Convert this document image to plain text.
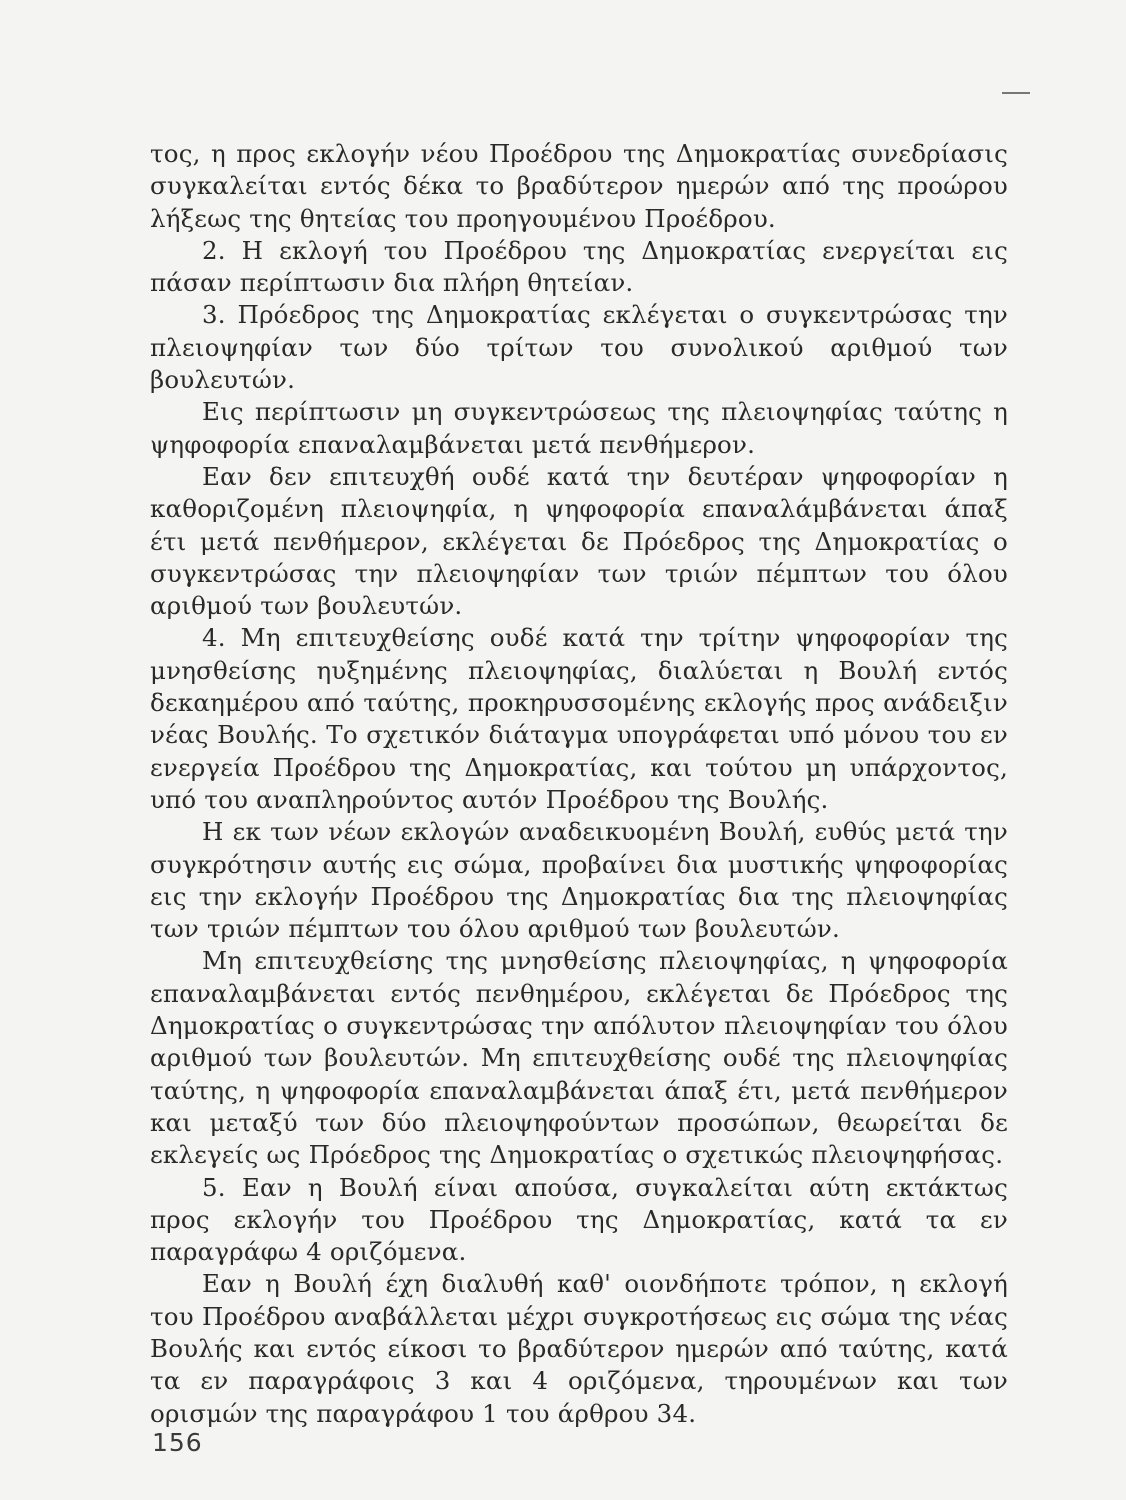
τος, η προς εκλογήν νέου Προέδρου της Δημοκρατίας συνεδρίασις συγκαλείται εντός δέκα το βραδύτερον ημερών από της προώρου λήξεως της θητείας του προηγουμένου Προέδρου.

2. Η εκλογή του Προέδρου της Δημοκρατίας ενεργείται εις πάσαν περίπτωσιν δια πλήρη θητείαν.

3. Πρόεδρος της Δημοκρατίας εκλέγεται ο συγκεντρώσας την πλειοψηφίαν των δύο τρίτων του συνολικού αριθμού των βουλευτών.

Εις περίπτωσιν μη συγκεντρώσεως της πλειοψηφίας ταύτης η ψηφοφορία επαναλαμβάνεται μετά πενθήμερον.

Εαν δεν επιτευχθή ουδέ κατά την δευτέραν ψηφοφορίαν η καθοριζομένη πλειοψηφία, η ψηφοφορία επαναλάμβάνεται άπαξ έτι μετά πενθήμερον, εκλέγεται δε Πρόεδρος της Δημοκρατίας ο συγκεντρώσας την πλειοψηφίαν των τριών πέμπτων του όλου αριθμού των βουλευτών.

4. Μη επιτευχθείσης ουδέ κατά την τρίτην ψηφοφορίαν της μνησθείσης ηυξημένης πλειοψηφίας, διαλύεται η Βουλή εντός δεκαημέρου από ταύτης, προκηρυσσομένης εκλογής προς ανάδειξιν νέας Βουλής. Το σχετικόν διάταγμα υπογράφεται υπό μόνου του εν ενεργεία Προέδρου της Δημοκρατίας, και τούτου μη υπάρχοντος, υπό του αναπληρούντος αυτόν Προέδρου της Βουλής.

Η εκ των νέων εκλογών αναδεικυομένη Βουλή, ευθύς μετά την συγκρότησιν αυτής εις σώμα, προβαίνει δια μυστικής ψηφοφορίας εις την εκλογήν Προέδρου της Δημοκρατίας δια της πλειοψηφίας των τριών πέμπτων του όλου αριθμού των βουλευτών.

Μη επιτευχθείσης της μνησθείσης πλειοψηφίας, η ψηφοφορία επαναλαμβάνεται εντός πενθημέρου, εκλέγεται δε Πρόεδρος της Δημοκρατίας ο συγκεντρώσας την απόλυτον πλειοψηφίαν του όλου αριθμού των βουλευτών. Μη επιτευχθείσης ουδέ της πλειοψηφίας ταύτης, η ψηφοφορία επαναλαμβάνεται άπαξ έτι, μετά πενθήμερον και μεταξύ των δύο πλειοψηφούντων προσώπων, θεωρείται δε εκλεγείς ως Πρόεδρος της Δημοκρατίας ο σχετικώς πλειοψηφήσας.

5. Εαν η Βουλή είναι απούσα, συγκαλείται αύτη εκτάκτως προς εκλογήν του Προέδρου της Δημοκρατίας, κατά τα εν παραγράφω 4 οριζόμενα.

Εαν η Βουλή έχη διαλυθή καθ' οιονδήποτε τρόπον, η εκλογή του Προέδρου αναβάλλεται μέχρι συγκροτήσεως εις σώμα της νέας Βουλής και εντός είκοσι το βραδύτερον ημερών από ταύτης, κατά τα εν παραγράφοις 3 και 4 οριζόμενα, τηρουμένων και των ορισμών της παραγράφου 1 του άρθρου 34.

156
